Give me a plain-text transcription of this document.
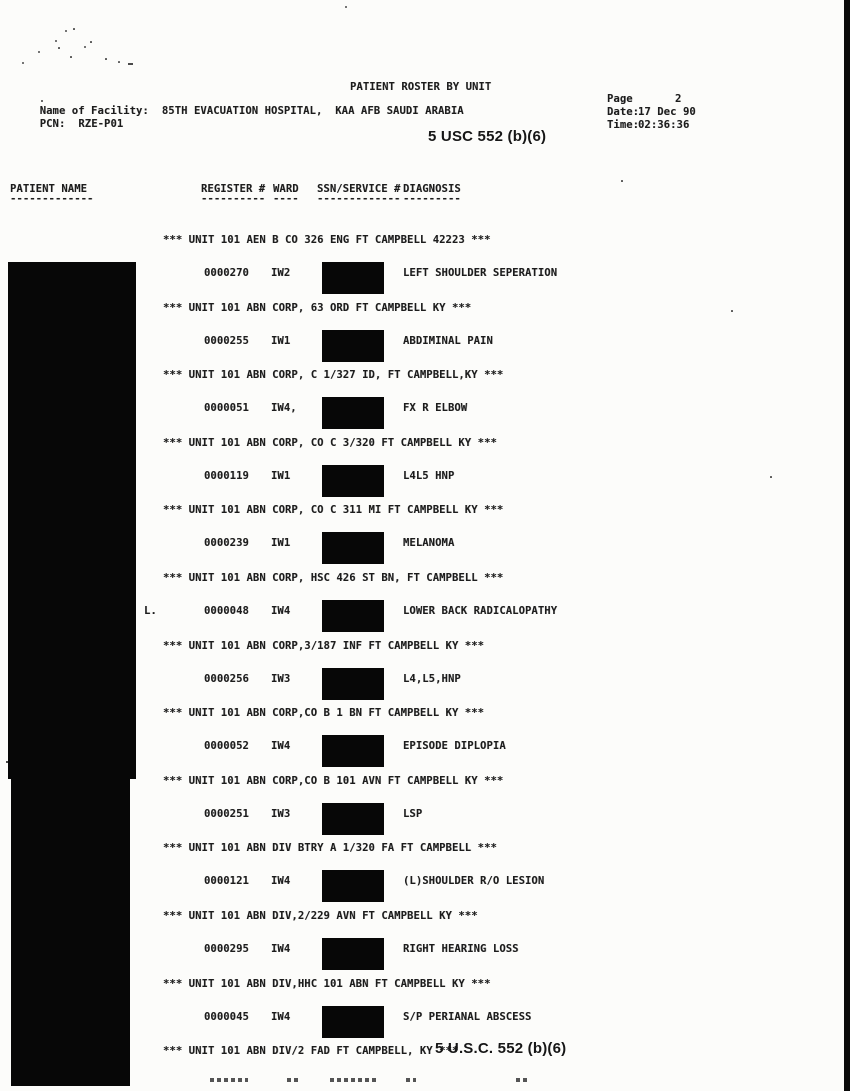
PATIENT ROSTER BY UNIT

Name of Facility: 85TH EVACUATION HOSPITAL,  KAA AFB SAUDI ARABIA

PCN: RZE-P01

Page	2
Date:
17 Dec 90
Time:
02:36:36
5 USC 552 (b)(6)
PATIENT NAME	REGISTER # WARD SSN/SERVICE # DIAGNOSIS
-------------	---------- ---- ------------- ---------
*** UNIT 101 AEN B CO 326 ENG FT CAMPBELL 42223 ***
0000270 IW2	LEFT SHOULDER SEPERATION
*** UNIT 101 ABN CORP, 63 ORD FT CAMPBELL KY ***
0000255 IW1	ABDIMINAL PAIN
*** UNIT 101 ABN CORP, C 1/327 ID, FT CAMPBELL,KY ***
0000051 IW4,	FX R ELBOW
*** UNIT 101 ABN CORP, CO C 3/320 FT CAMPBELL KY ***
0000119 IW1	L4L5 HNP
*** UNIT 101 ABN CORP, CO C 311 MI FT CAMPBELL KY ***
0000239 IW1	MELANOMA
*** UNIT 101 ABN CORP, HSC 426 ST BN, FT CAMPBELL ***
L.	0000048 IW4	LOWER BACK RADICALOPATHY
*** UNIT 101 ABN CORP,3/187 INF FT CAMPBELL KY ***
0000256 IW3	L4,L5,HNP
*** UNIT 101 ABN CORP,CO B 1 BN FT CAMPBELL KY ***
0000052 IW4	EPISODE DIPLOPIA
*** UNIT 101 ABN CORP,CO B 101 AVN FT CAMPBELL KY ***
0000251 IW3	LSP
*** UNIT 101 ABN DIV BTRY A 1/320 FA FT CAMPBELL ***
0000121 IW4	(L)SHOULDER R/O LESION
*** UNIT 101 ABN DIV,2/229 AVN FT CAMPBELL KY ***
0000295 IW4	RIGHT HEARING LOSS
*** UNIT 101 ABN DIV,HHC 101 ABN FT CAMPBELL KY ***
0000045 IW4	S/P PERIANAL ABSCESS
*** UNIT 101 ABN DIV/2 FAD FT CAMPBELL, KY ***
5 U.S.C. 552 (b)(6)
